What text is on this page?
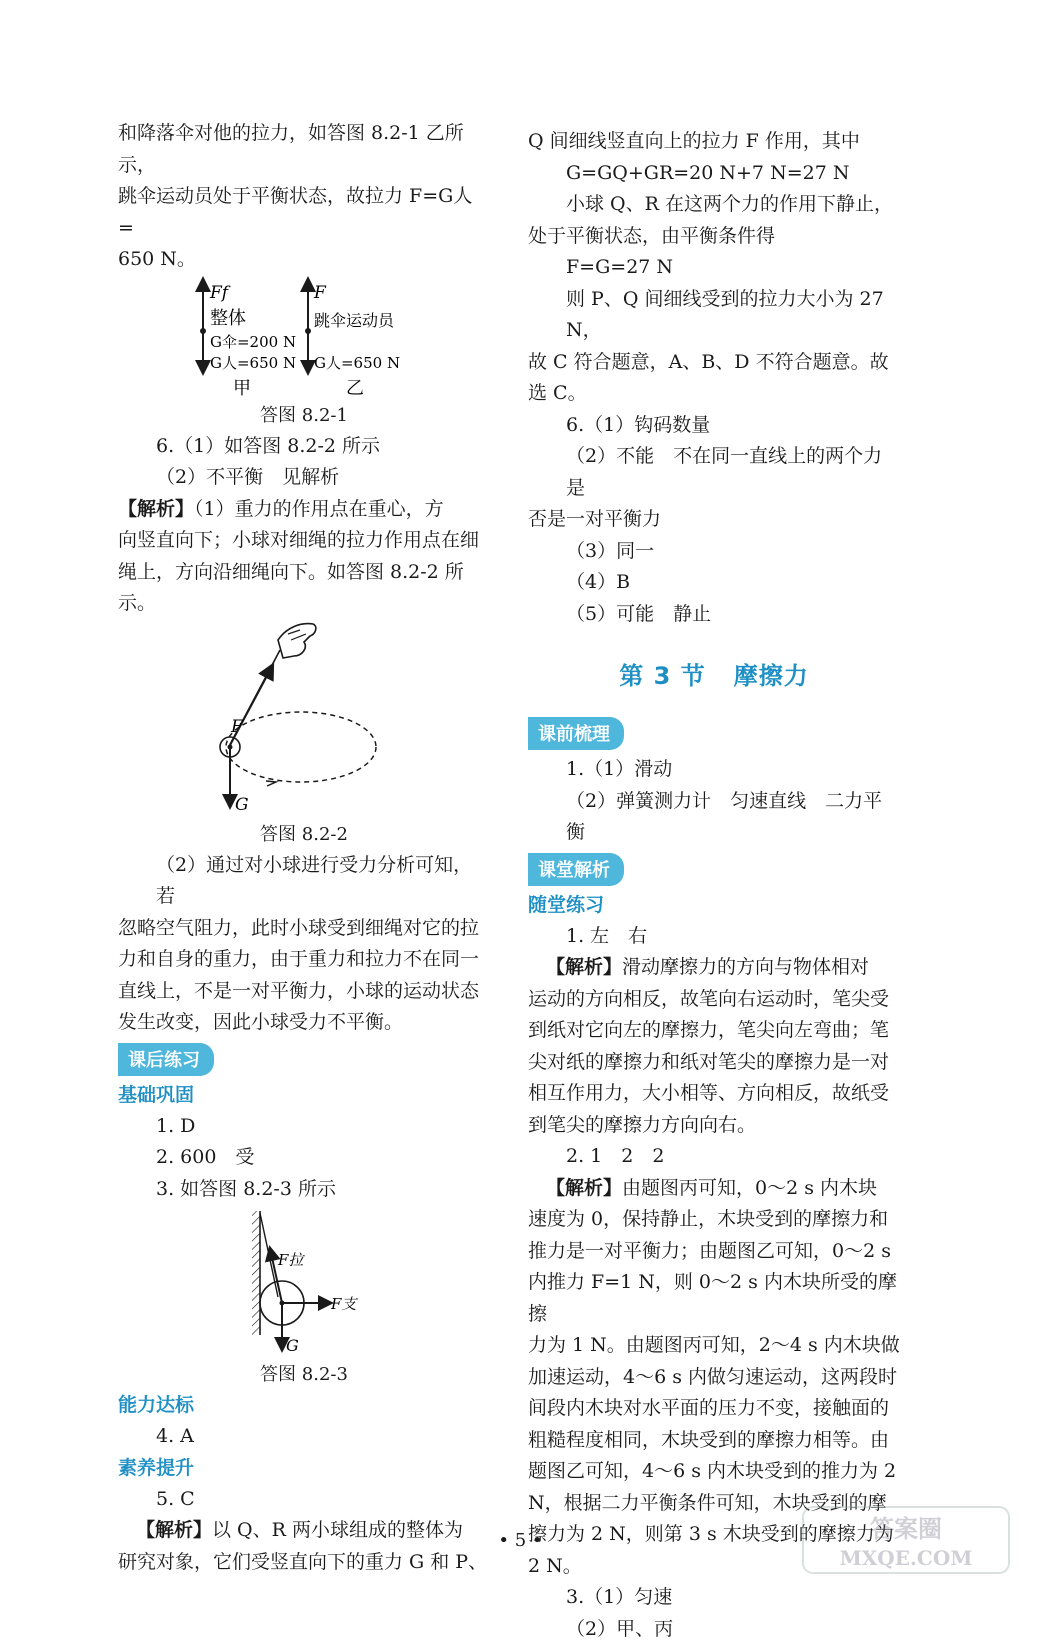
和降落伞对他的拉力，如答图 8.2-1 乙所示，

跳伞运动员处于平衡状态，故拉力 F=G人 =

650 N。

Ff
整体
G伞=200 N
G人=650 N
甲
F
跳伞运动员
G人=650 N
乙

答图 8.2-1

6.（1）如答图 8.2-2 所示

（2）不平衡　见解析

【解析】（1）重力的作用点在重心，方

向竖直向下；小球对细绳的拉力作用点在细

绳上，方向沿细绳向下。如答图 8.2-2 所示。

F
G

答图 8.2-2

（2）通过对小球进行受力分析可知，若

忽略空气阻力，此时小球受到细绳对它的拉

力和自身的重力，由于重力和拉力不在同一

直线上，不是一对平衡力，小球的运动状态

发生改变，因此小球受力不平衡。

课后练习

基础巩固

1. D

2. 600　受

3. 如答图 8.2-3 所示

F拉
F支
G

答图 8.2-3

能力达标

4. A

素养提升

5. C

【解析】以 Q、R 两小球组成的整体为

研究对象，它们受竖直向下的重力 G 和 P、

Q 间细线竖直向上的拉力 F 作用，其中

G=GQ+GR=20 N+7 N=27 N

小球 Q、R 在这两个力的作用下静止，

处于平衡状态，由平衡条件得

F=G=27 N

则 P、Q 间细线受到的拉力大小为 27 N，

故 C 符合题意，A、B、D 不符合题意。故选 C。

6.（1）钩码数量

（2）不能　不在同一直线上的两个力是

否是一对平衡力

（3）同一

（4）B

（5）可能　静止

第 3 节 摩擦力
课前梳理

1.（1）滑动

（2）弹簧测力计　匀速直线　二力平衡

课堂解析

随堂练习

1. 左　右

【解析】滑动摩擦力的方向与物体相对

运动的方向相反，故笔向右运动时，笔尖受

到纸对它向左的摩擦力，笔尖向左弯曲；笔

尖对纸的摩擦力和纸对笔尖的摩擦力是一对

相互作用力，大小相等、方向相反，故纸受

到笔尖的摩擦力方向向右。

2. 1　2　2

【解析】由题图丙可知，0～2 s 内木块

速度为 0，保持静止，木块受到的摩擦力和

推力是一对平衡力；由题图乙可知，0～2 s

内推力 F=1 N，则 0～2 s 内木块所受的摩擦

力为 1 N。由题图丙可知，2～4 s 内木块做

加速运动，4～6 s 内做匀速运动，这两段时

间段内木块对水平面的压力不变，接触面的

粗糙程度相同，木块受到的摩擦力相等。由

题图乙可知，4～6 s 内木块受到的推力为 2

N，根据二力平衡条件可知，木块受到的摩

擦力为 2 N，则第 3 s 木块受到的摩擦力为 2 N。

3.（1）匀速

（2）甲、丙

• 5 •	答案圈
MXQE.COM
